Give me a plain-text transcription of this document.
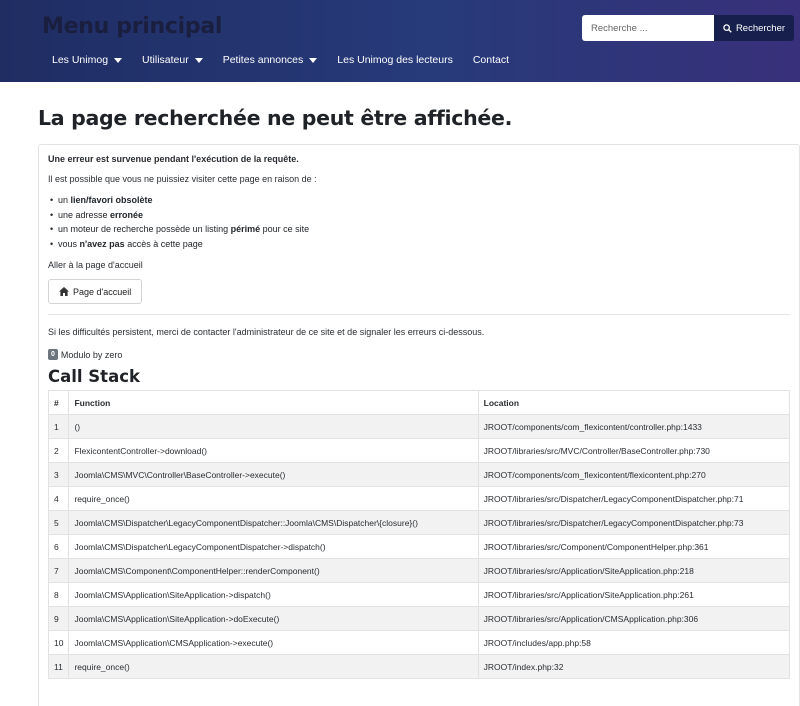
Menu principal
Recherche ...	Rechercher
Les Unimog	Utilisateur	Petites annonces	Les Unimog des lecteurs Contact
La page recherchée ne peut être affichée.

Une erreur est survenue pendant l'exécution de la requête.

Il est possible que vous ne puissiez visiter cette page en raison de :

• un lien/favori obsolète
• une adresse erronée
• un moteur de recherche possède un listing périmé pour ce site
• vous n'avez pas accès à cette page

Aller à la page d'accueil

Page d'accueil

Si les difficultés persistent, merci de contacter l'administrateur de ce site et de signaler les erreurs ci-dessous.

0 Modulo by zero
Call Stack
#	Function	Location
1	()	JROOT/components/com_flexicontent/controller.php:1433
2	FlexicontentController->download()	JROOT/libraries/src/MVC/Controller/BaseController.php:730
3	Joomla\CMS\MVC\Controller\BaseController->execute()	JROOT/components/com_flexicontent/flexicontent.php:270
4	require_once()	JROOT/libraries/src/Dispatcher/LegacyComponentDispatcher.php:71
5	Joomla\CMS\Dispatcher\LegacyComponentDispatcher::Joomla\CMS\Dispatcher\{closure}()	JROOT/libraries/src/Dispatcher/LegacyComponentDispatcher.php:73
6	Joomla\CMS\Dispatcher\LegacyComponentDispatcher->dispatch()	JROOT/libraries/src/Component/ComponentHelper.php:361
7	Joomla\CMS\Component\ComponentHelper::renderComponent()	JROOT/libraries/src/Application/SiteApplication.php:218
8	Joomla\CMS\Application\SiteApplication->dispatch()	JROOT/libraries/src/Application/SiteApplication.php:261
9	Joomla\CMS\Application\SiteApplication->doExecute()	JROOT/libraries/src/Application/CMSApplication.php:306
10	Joomla\CMS\Application\CMSApplication->execute()	JROOT/includes/app.php:58
11	require_once()	JROOT/index.php:32
